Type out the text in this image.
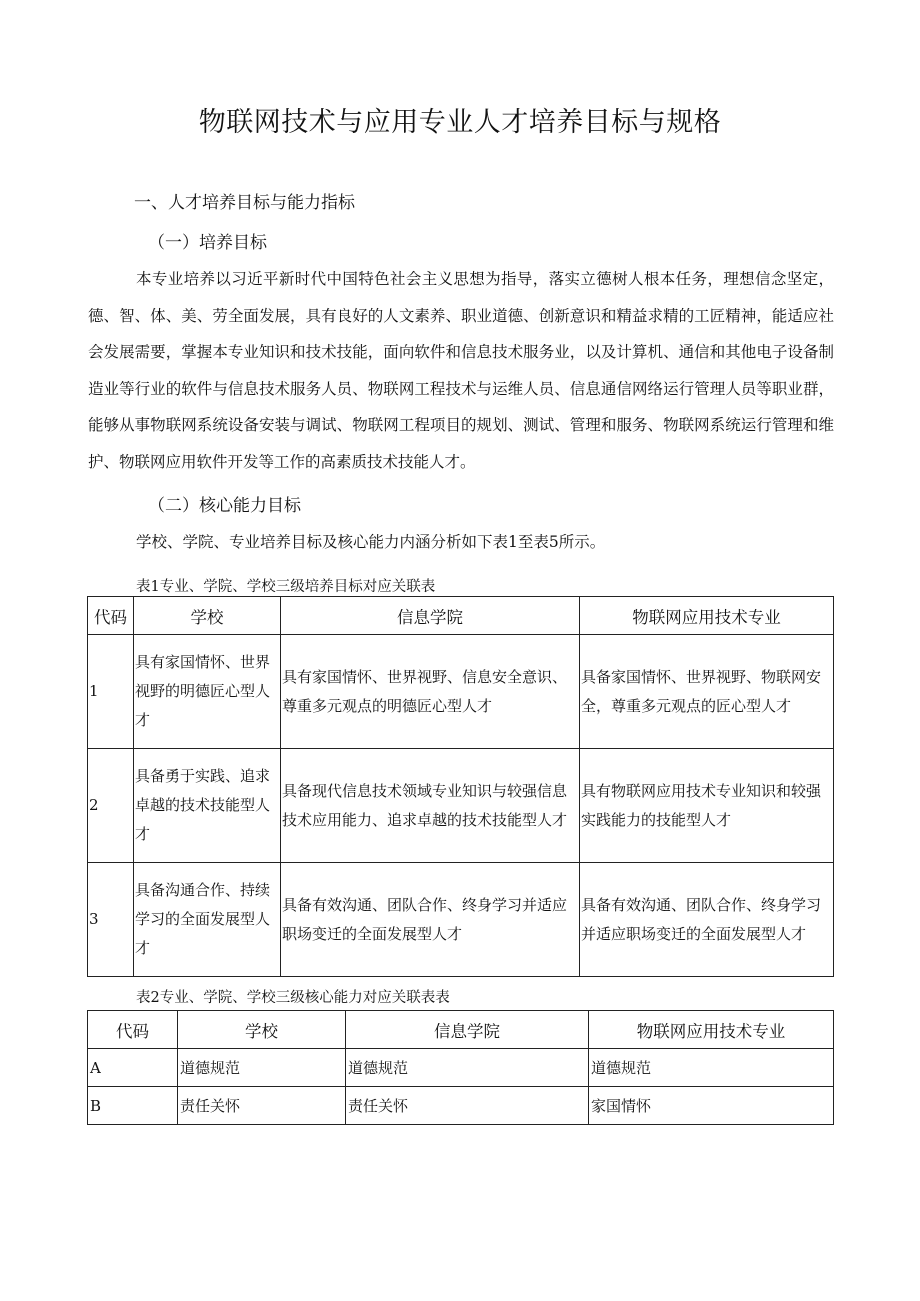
物联网技术与应用专业人才培养目标与规格
一、人才培养目标与能力指标
（一）培养目标
本专业培养以习近平新时代中国特色社会主义思想为指导，落实立德树人根本任务，理想信念坚定，德、智、体、美、劳全面发展，具有良好的人文素养、职业道德、创新意识和精益求精的工匠精神，能适应社会发展需要，掌握本专业知识和技术技能，面向软件和信息技术服务业，以及计算机、通信和其他电子设备制造业等行业的软件与信息技术服务人员、物联网工程技术与运维人员、信息通信网络运行管理人员等职业群，能够从事物联网系统设备安装与调试、物联网工程项目的规划、测试、管理和服务、物联网系统运行管理和维护、物联网应用软件开发等工作的高素质技术技能人才。
（二）核心能力目标
学校、学院、专业培养目标及核心能力内涵分析如下表1至表5所示。
表1专业、学院、学校三级培养目标对应关联表
代码	学校	信息学院	物联网应用技术专业
1	具有家国情怀、世界视野的明德匠心型人才	具有家国情怀、世界视野、信息安全意识、尊重多元观点的明德匠心型人才	具备家国情怀、世界视野、物联网安全，尊重多元观点的匠心型人才
2	具备勇于实践、追求卓越的技术技能型人才	具备现代信息技术领域专业知识与较强信息技术应用能力、追求卓越的技术技能型人才	具有物联网应用技术专业知识和较强实践能力的技能型人才
3	具备沟通合作、持续学习的全面发展型人才	具备有效沟通、团队合作、终身学习并适应职场变迁的全面发展型人才	具备有效沟通、团队合作、终身学习并适应职场变迁的全面发展型人才
表2专业、学院、学校三级核心能力对应关联表表
代码	学校	信息学院	物联网应用技术专业
A	道德规范	道德规范	道德规范
B	责任关怀	责任关怀	家国情怀
